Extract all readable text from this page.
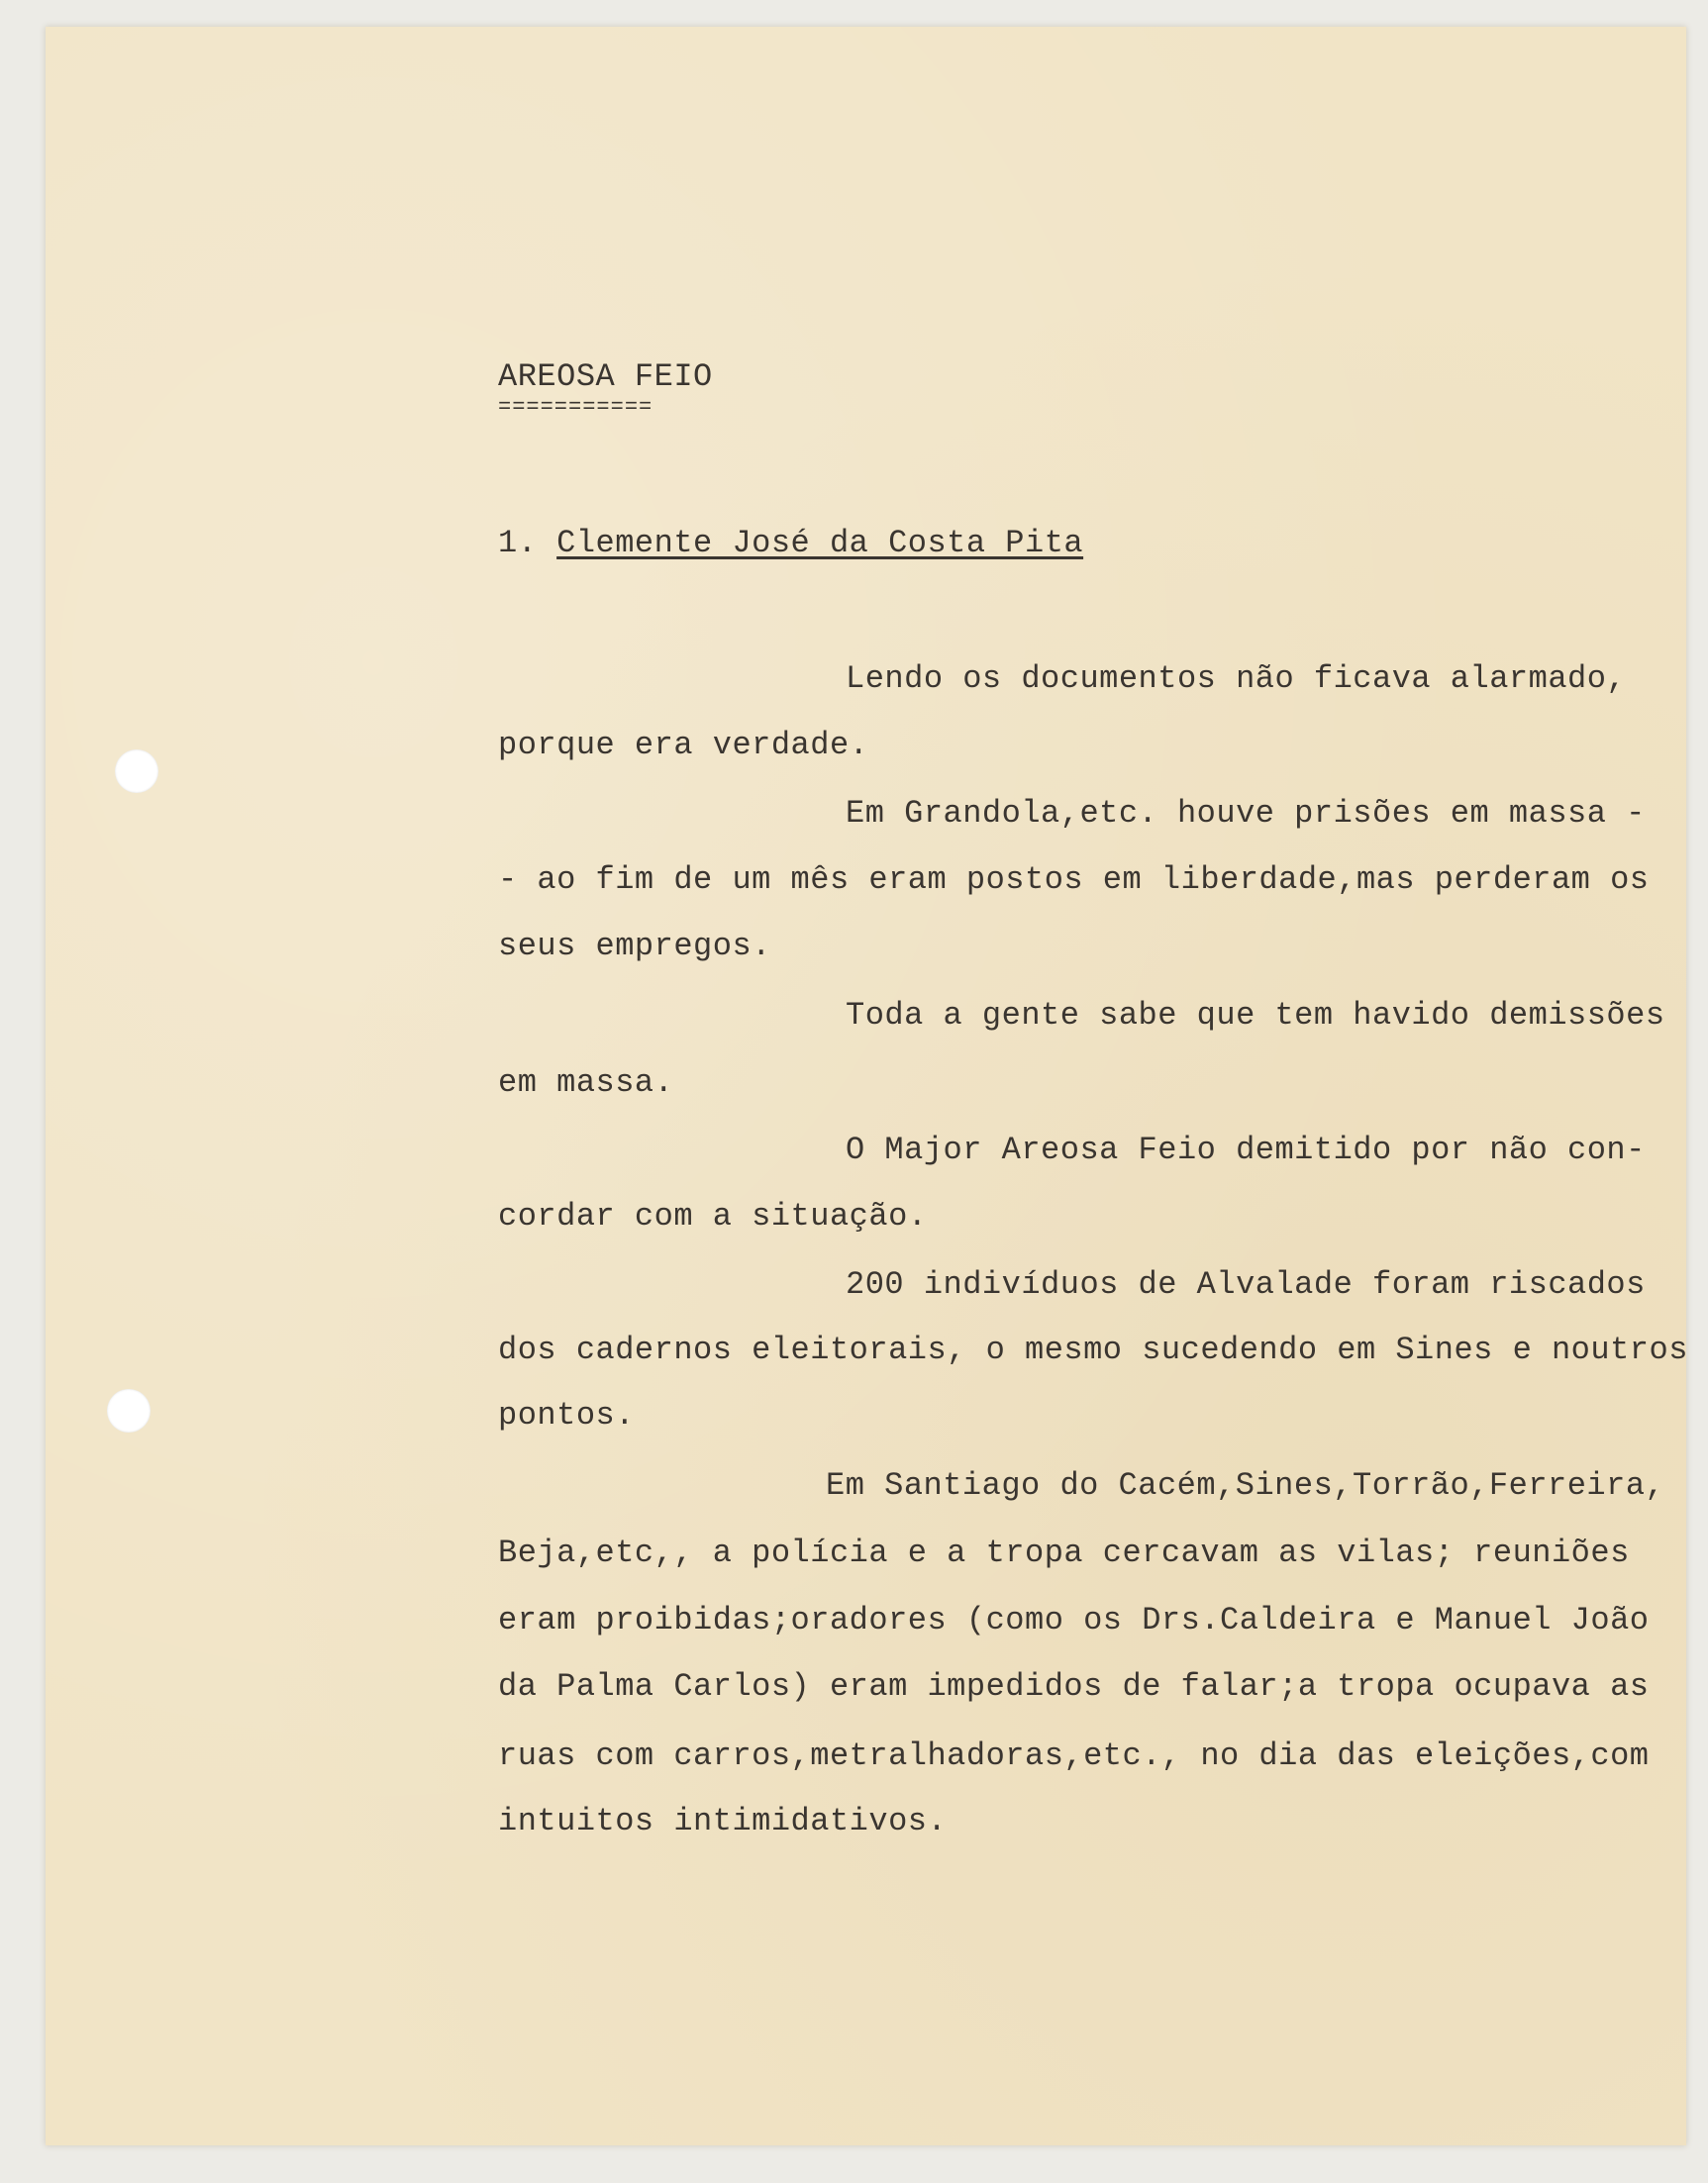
AREOSA FEIO
===========
1. Clemente José da Costa Pita
Lendo os documentos não ficava alarmado,
porque era verdade.
Em Grandola,etc. houve prisões em massa -
- ao fim de um mês eram postos em liberdade,mas perderam os
seus empregos.
Toda a gente sabe que tem havido demissões
em massa.
O Major Areosa Feio demitido por não con-
cordar com a situação.
200 indivíduos de Alvalade foram riscados
dos cadernos eleitorais, o mesmo sucedendo em Sines e noutros
pontos.
Em Santiago do Cacém,Sines,Torrão,Ferreira,
Beja,etc,, a polícia e a tropa cercavam as vilas; reuniões
eram proibidas;oradores (como os Drs.Caldeira e Manuel João
da Palma Carlos) eram impedidos de falar;a tropa ocupava as
ruas com carros,metralhadoras,etc., no dia das eleições,com
intuitos intimidativos.
